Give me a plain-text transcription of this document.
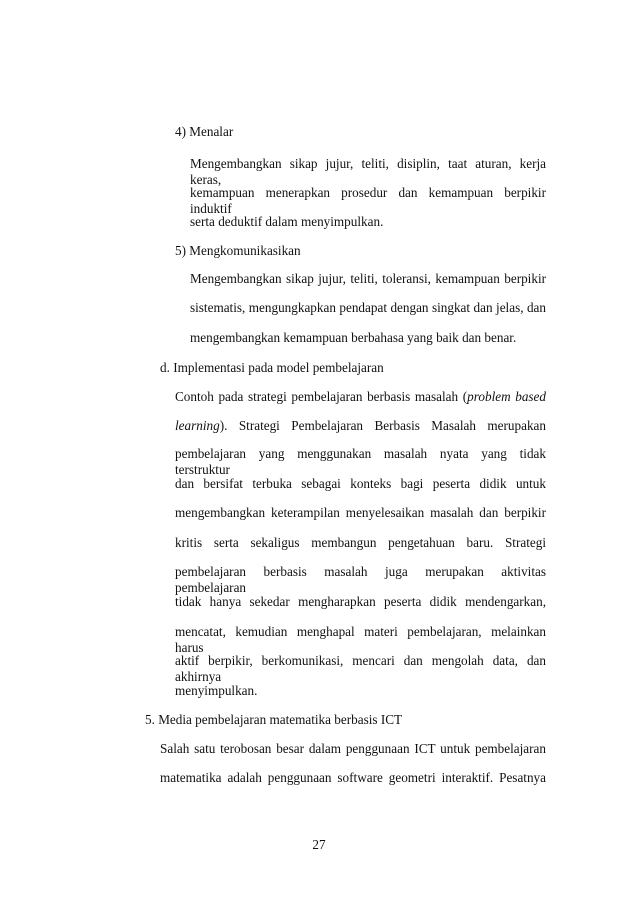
4) Menalar
Mengembangkan sikap jujur, teliti, disiplin, taat aturan, kerja keras,
kemampuan menerapkan prosedur dan kemampuan berpikir induktif
serta deduktif dalam menyimpulkan.
5) Mengkomunikasikan
Mengembangkan sikap jujur, teliti, toleransi, kemampuan berpikir
sistematis, mengungkapkan pendapat dengan singkat dan jelas, dan
mengembangkan kemampuan berbahasa yang baik dan benar.
d. Implementasi pada model pembelajaran
Contoh pada strategi pembelajaran berbasis masalah (problem based
learning). Strategi Pembelajaran Berbasis Masalah merupakan
pembelajaran yang menggunakan masalah nyata yang tidak terstruktur
dan bersifat terbuka sebagai konteks bagi peserta didik untuk
mengembangkan keterampilan menyelesaikan masalah dan berpikir
kritis serta sekaligus membangun pengetahuan baru. Strategi
pembelajaran berbasis masalah juga merupakan aktivitas pembelajaran
tidak hanya sekedar mengharapkan peserta didik mendengarkan,
mencatat, kemudian menghapal materi pembelajaran, melainkan harus
aktif berpikir, berkomunikasi, mencari dan mengolah data, dan akhirnya
menyimpulkan.
5. Media pembelajaran matematika berbasis ICT
Salah satu terobosan besar dalam penggunaan ICT untuk pembelajaran
matematika adalah penggunaan software geometri interaktif. Pesatnya
27
